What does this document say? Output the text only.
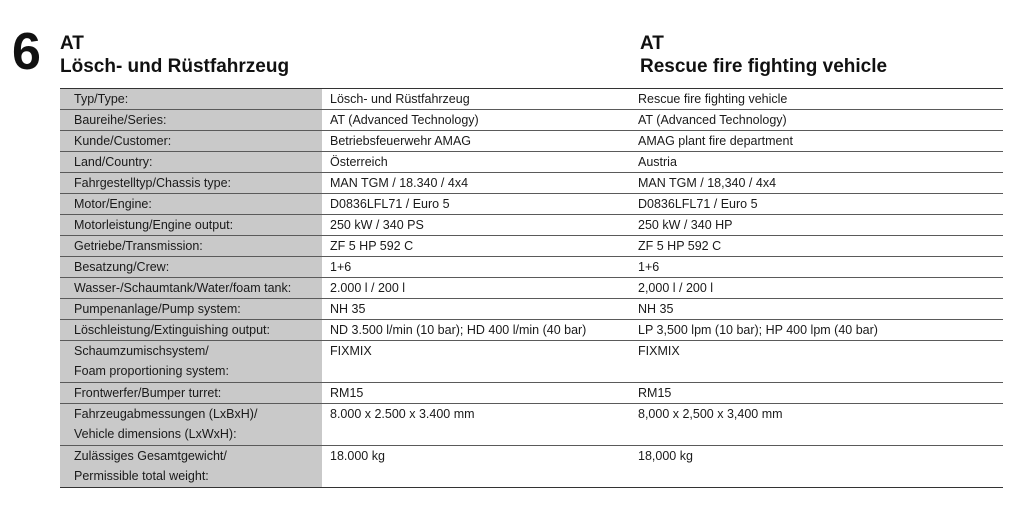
6 AT
Lösch- und Rüstfahrzeug
AT
Rescue fire fighting vehicle
Typ/Type:	Lösch- und Rüstfahrzeug	Rescue fire fighting vehicle

Baureihe/Series:	AT (Advanced Technology)	AT (Advanced Technology)

Kunde/Customer:	Betriebsfeuerwehr AMAG	AMAG plant fire department

Land/Country:	Österreich	Austria

Fahrgestelltyp/Chassis type:	MAN TGM / 18.340 / 4x4	MAN TGM / 18,340 / 4x4

Motor/Engine:	D0836LFL71 / Euro 5	D0836LFL71 / Euro 5

Motorleistung/Engine output:	250 kW / 340 PS	250 kW / 340 HP

Getriebe/Transmission:	ZF 5 HP 592 C	ZF 5 HP 592 C

Besatzung/Crew:	1+6	1+6

Wasser-/Schaumtank/Water/foam tank:	2.000 l / 200 l	2,000 l / 200 l

Pumpenanlage/Pump system:	NH 35	NH 35

Löschleistung/Extinguishing output:	ND 3.500 l/min (10 bar); HD 400 l/min (40 bar)	LP 3,500 lpm (10 bar); HP 400 lpm (40 bar)

Schaumzumischsystem/
Foam proportioning system:	FIXMIX	FIXMIX

Frontwerfer/Bumper turret:	RM15	RM15

Fahrzeugabmessungen (LxBxH)/
Vehicle dimensions (LxWxH):	8.000 x 2.500 x 3.400 mm	8,000 x 2,500 x 3,400 mm

Zulässiges Gesamtgewicht/
Permissible total weight:	18.000 kg	18,000 kg
